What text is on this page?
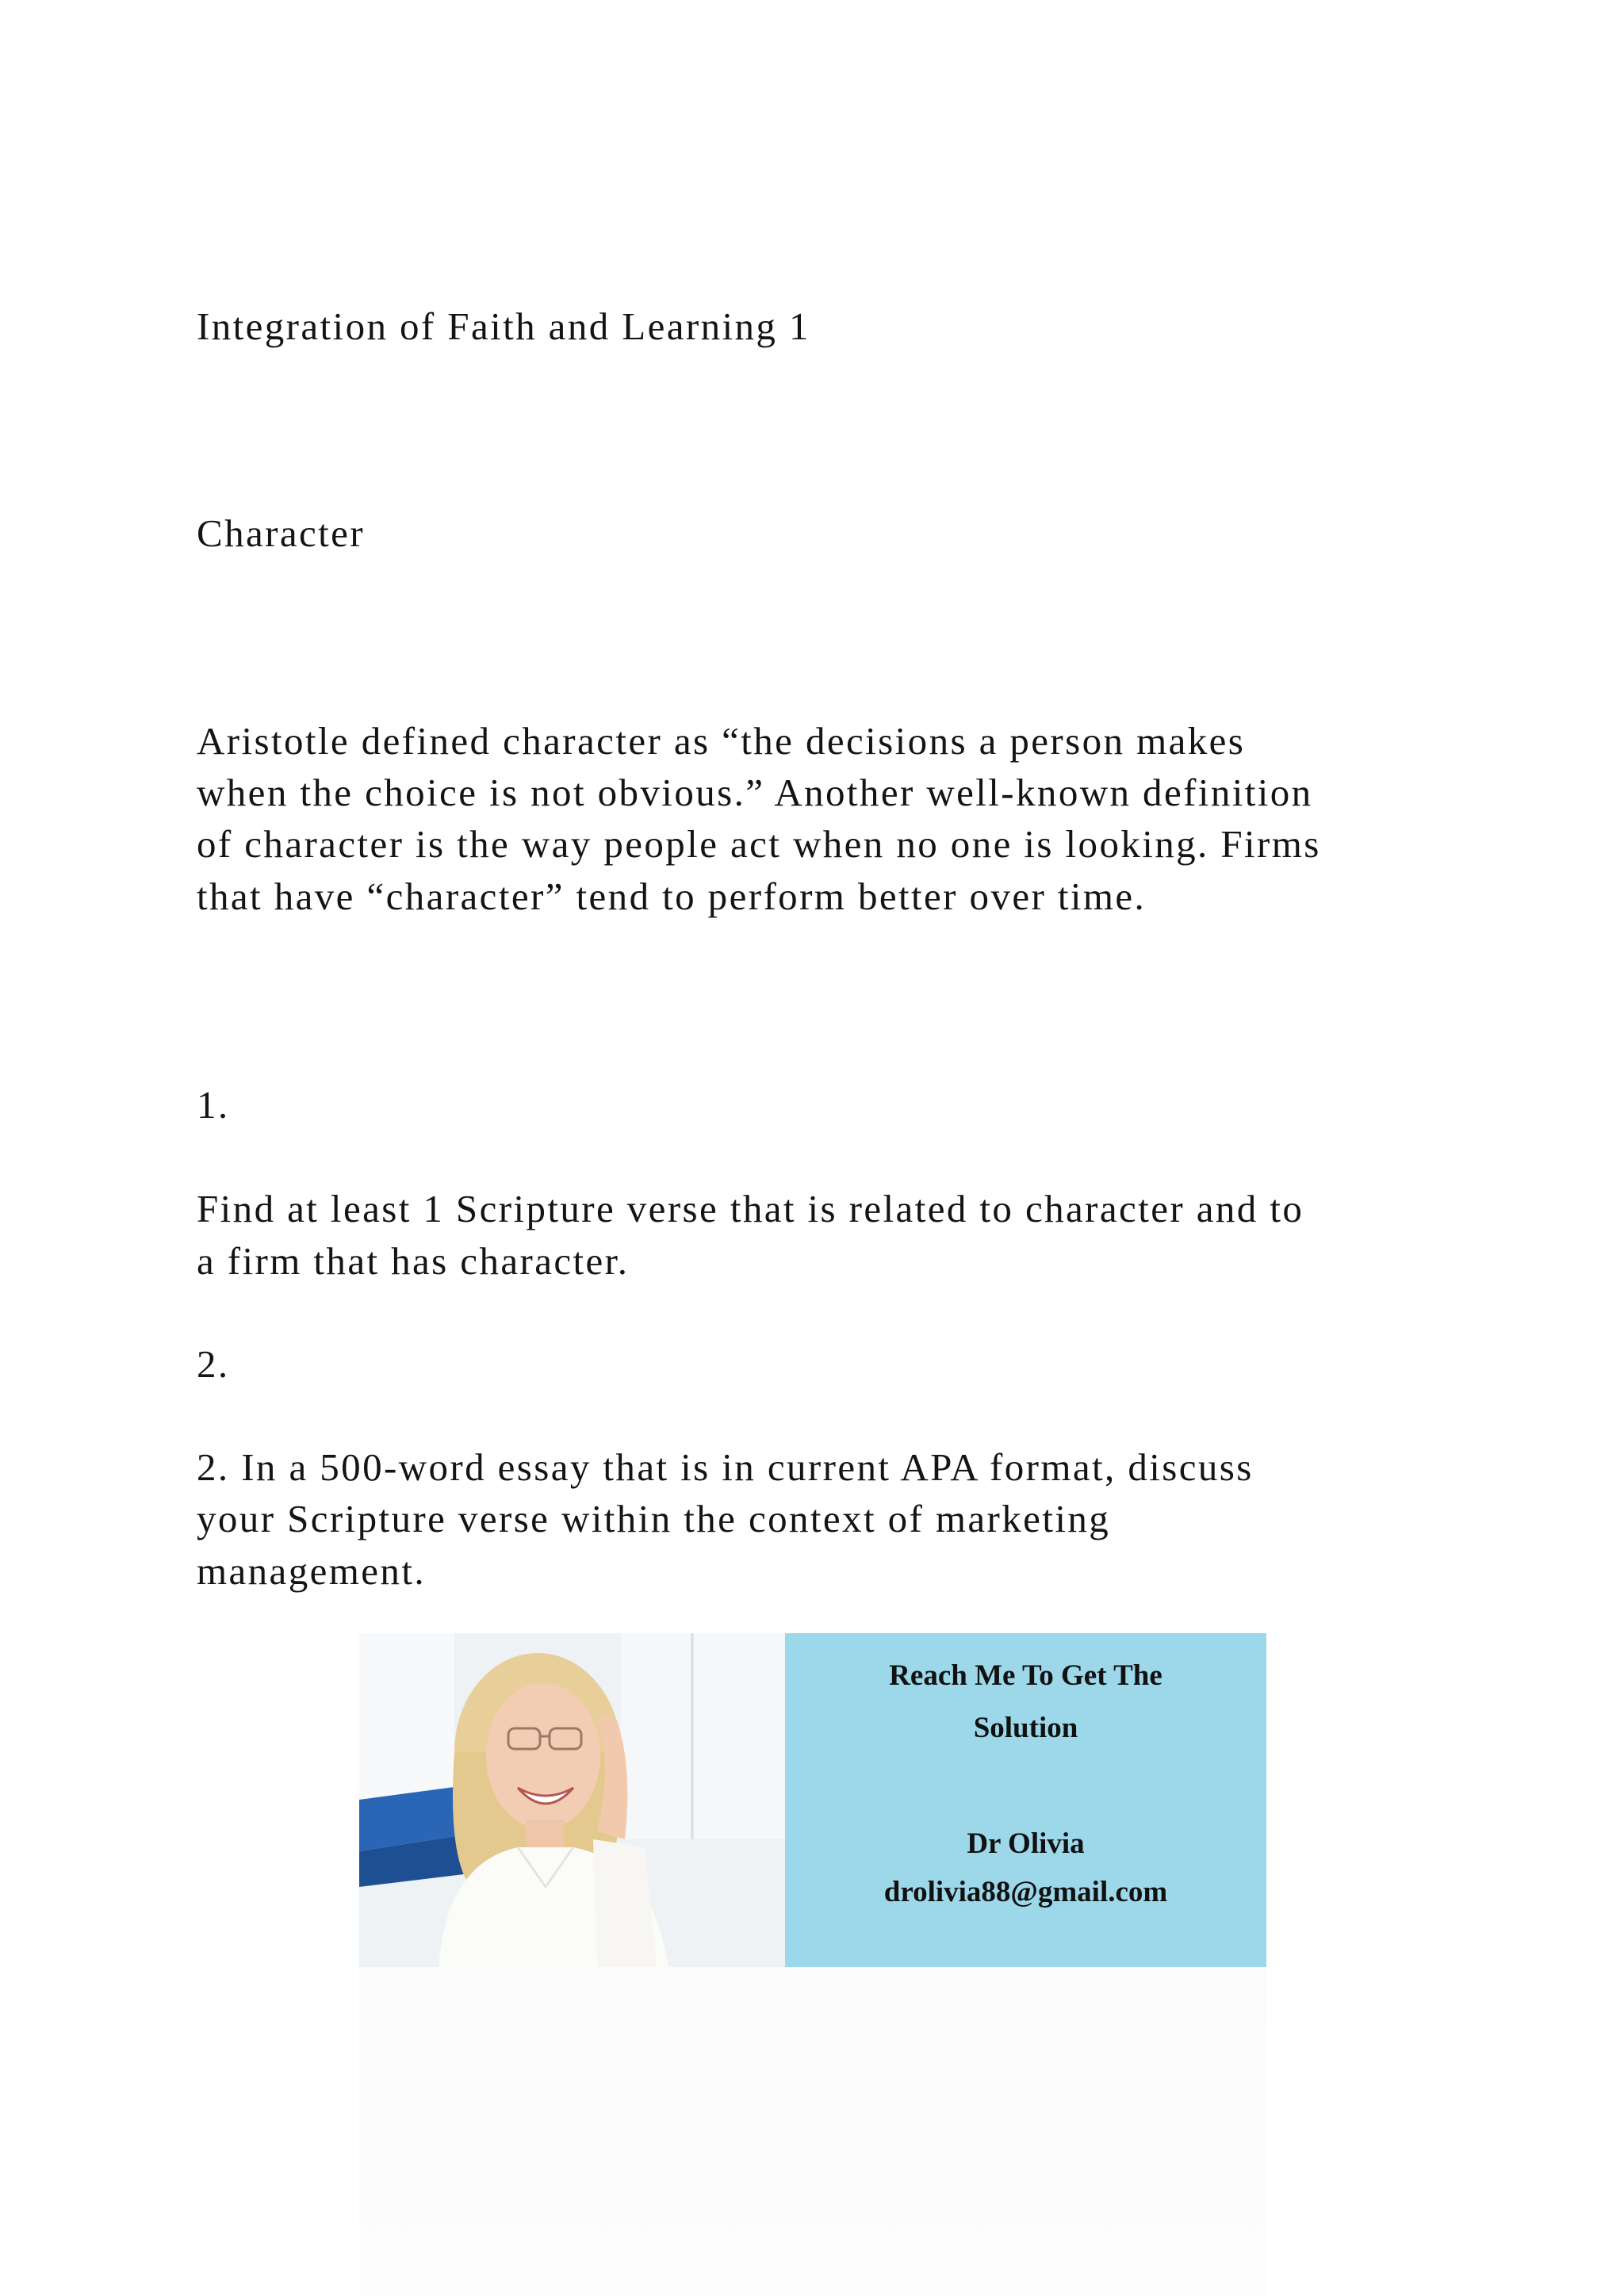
Integration of Faith and Learning 1
Character
Aristotle defined character as “the decisions a person makes
when the choice is not obvious.” Another well-known definition
of character is the way people act when no one is looking. Firms
that have “character” tend to perform better over time.
1.
Find at least 1 Scripture verse that is related to character and to
a firm that has character.
2.
2. In a 500-word essay that is in current APA format, discuss
your Scripture verse within the context of marketing
management.
Reach Me To Get The
Solution
Dr Olivia
drolivia88@gmail.com
